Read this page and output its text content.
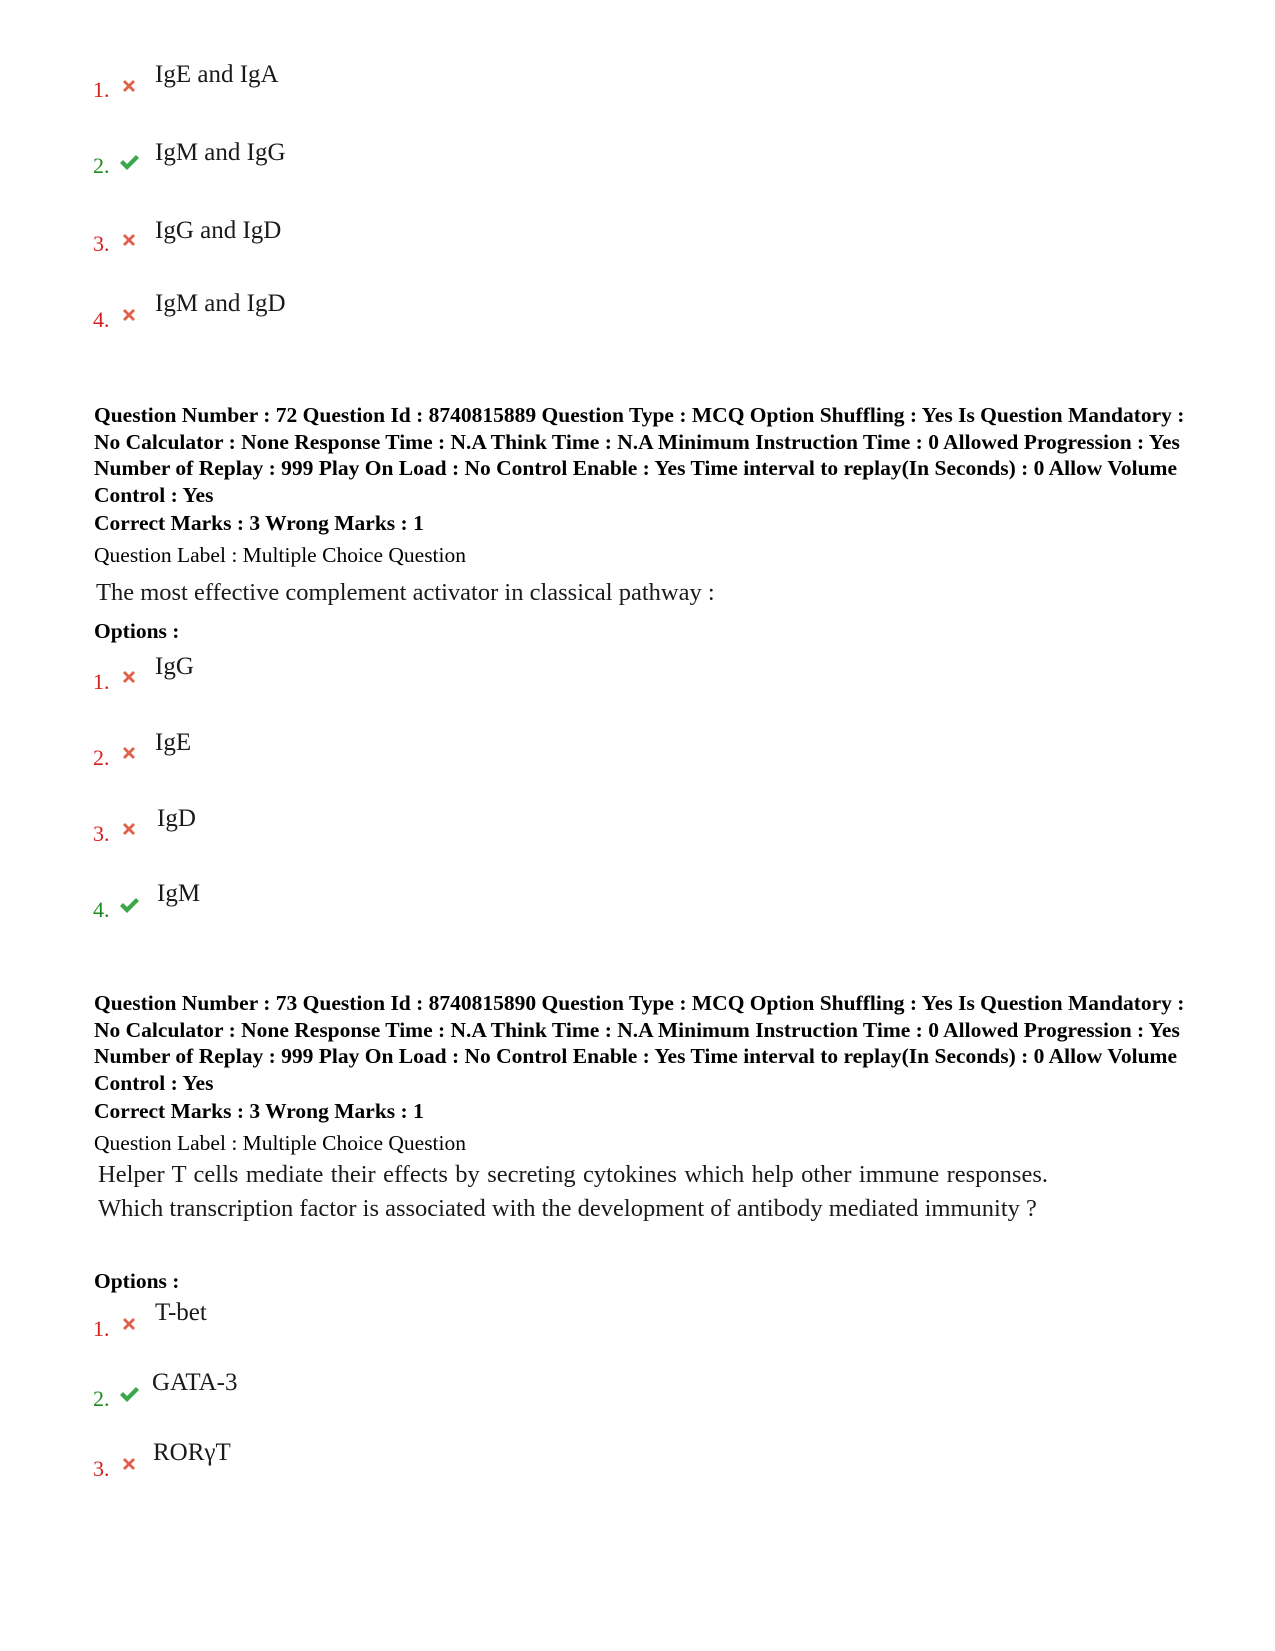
1.
IgE and IgA
2. IgM and IgG
3. IgG and IgD
4.
IgM and IgD
Question Number : 72 Question Id : 8740815889 Question Type : MCQ Option Shuffling : Yes Is Question Mandatory : No Calculator : None Response Time : N.A Think Time : N.A Minimum Instruction Time : 0 Allowed Progression : Yes Number of Replay : 999 Play On Load : No Control Enable : Yes Time interval to replay(In Seconds) : 0 Allow Volume Control : Yes
Correct Marks : 3 Wrong Marks : 1
Question Label : Multiple Choice Question
The most effective complement activator in classical pathway :
Options :
1.
IgG
2.
IgE
3.
IgD
4.
IgM
Question Number : 73 Question Id : 8740815890 Question Type : MCQ Option Shuffling : Yes Is Question Mandatory : No Calculator : None Response Time : N.A Think Time : N.A Minimum Instruction Time : 0 Allowed Progression : Yes Number of Replay : 999 Play On Load : No Control Enable : Yes Time interval to replay(In Seconds) : 0 Allow Volume Control : Yes
Correct Marks : 3 Wrong Marks : 1
Question Label : Multiple Choice Question
Helper T cells mediate their effects by secreting cytokines which help other immune responses. Which transcription factor is associated with the development of antibody mediated immunity ?
Options :
1.
T-bet
2.
GATA-3
3.
RORγT
